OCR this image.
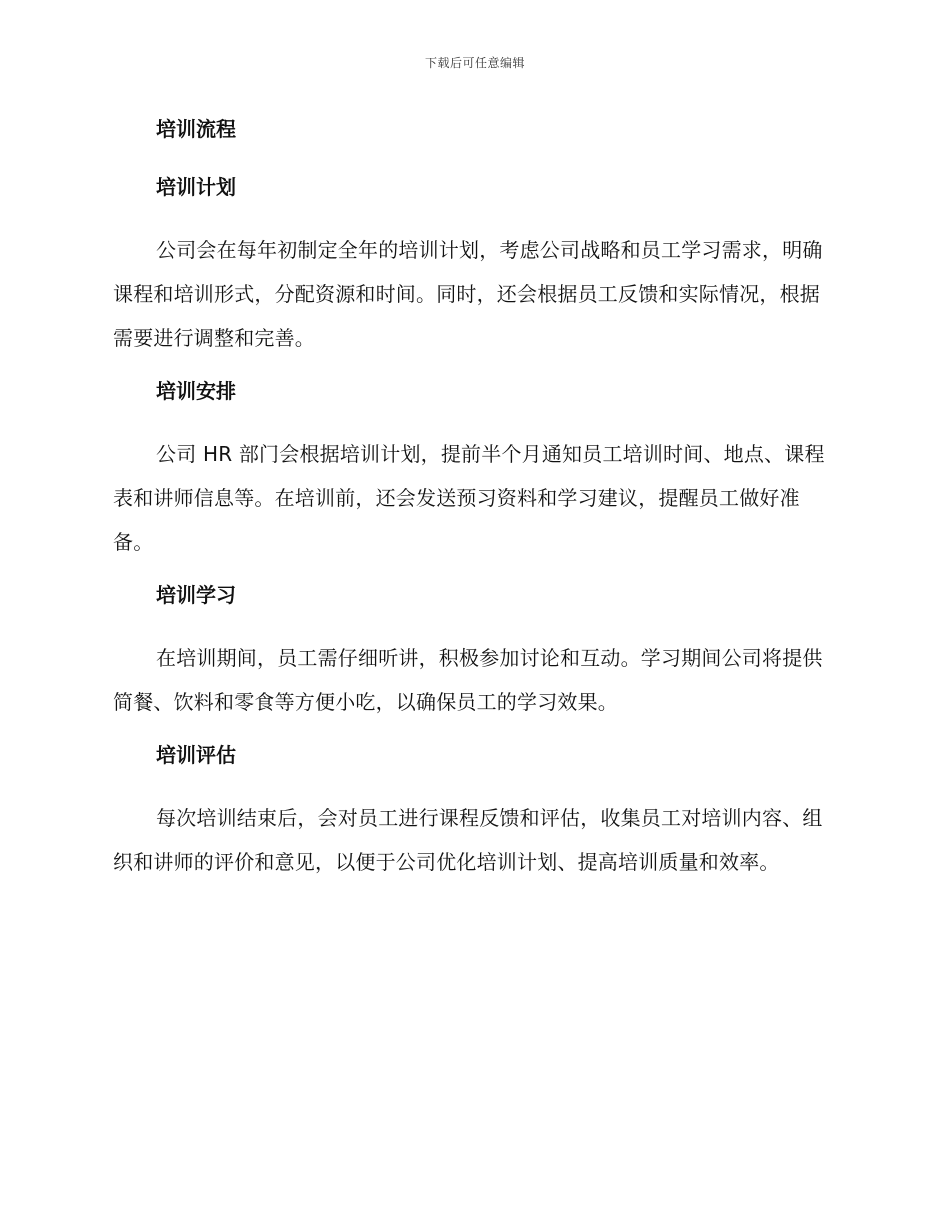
下载后可任意编辑
培训流程
培训计划

公司会在每年初制定全年的培训计划，考虑公司战略和员工学习需求，明确课程和培训形式，分配资源和时间。同时，还会根据员工反馈和实际情况，根据需要进行调整和完善。

培训安排

公司 HR 部门会根据培训计划，提前半个月通知员工培训时间、地点、课程表和讲师信息等。在培训前，还会发送预习资料和学习建议，提醒员工做好准备。

培训学习

在培训期间，员工需仔细听讲，积极参加讨论和互动。学习期间公司将提供简餐、饮料和零食等方便小吃，以确保员工的学习效果。

培训评估

每次培训结束后，会对员工进行课程反馈和评估，收集员工对培训内容、组织和讲师的评价和意见，以便于公司优化培训计划、提高培训质量和效率。
